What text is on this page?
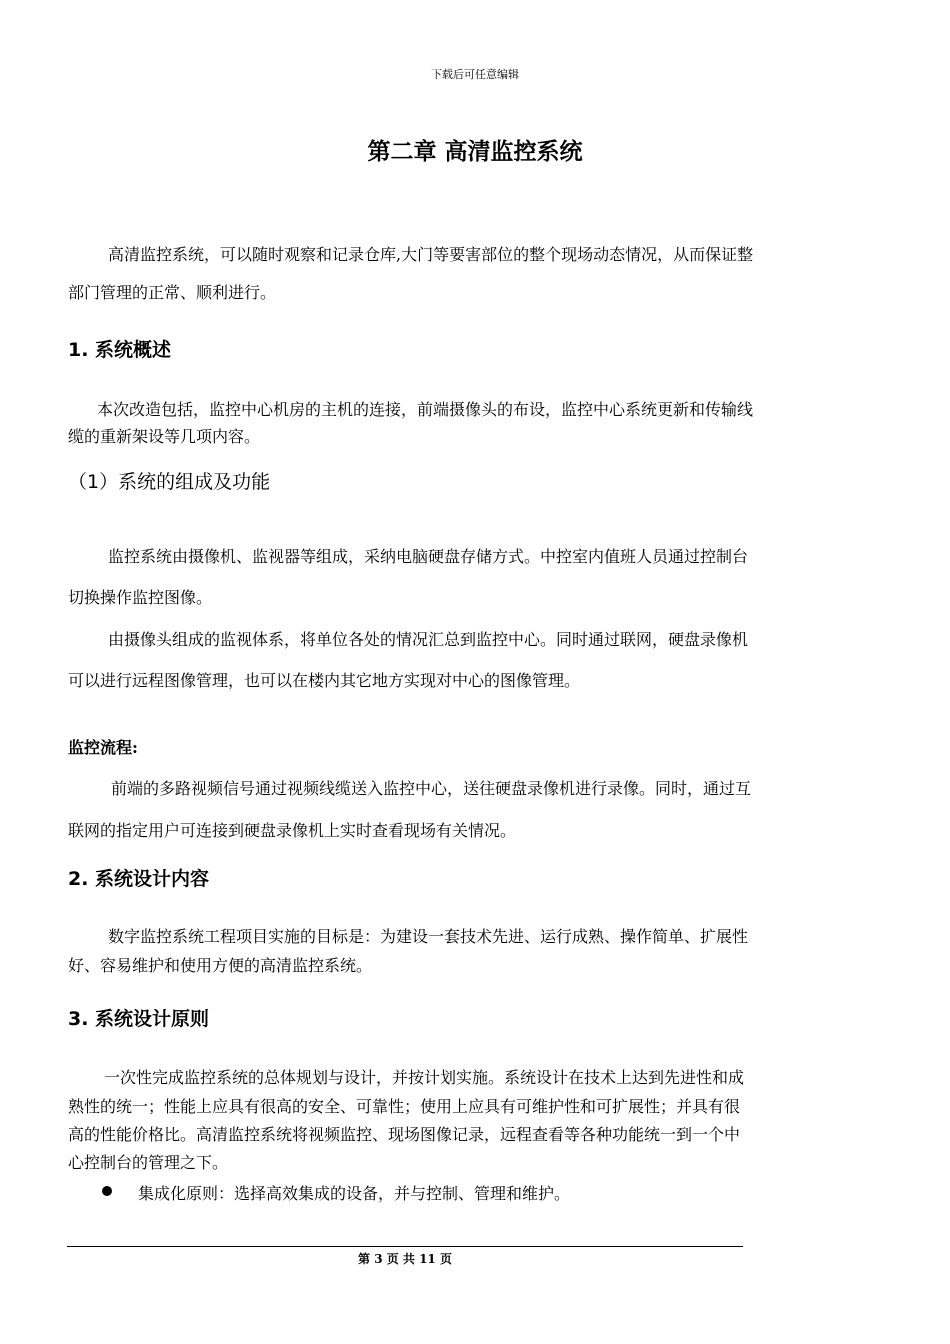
下载后可任意编辑
第二章 高清监控系统
高清监控系统，可以随时观察和记录仓库,大门等要害部位的整个现场动态情况，从而保证整
部门管理的正常、顺利进行。
1. 系统概述
本次改造包括，监控中心机房的主机的连接，前端摄像头的布设，监控中心系统更新和传输线
缆的重新架设等几项内容。
（1）系统的组成及功能
监控系统由摄像机、监视器等组成，采纳电脑硬盘存储方式。中控室内值班人员通过控制台
切换操作监控图像。
由摄像头组成的监视体系，将单位各处的情况汇总到监控中心。同时通过联网，硬盘录像机
可以进行远程图像管理，也可以在楼内其它地方实现对中心的图像管理。
监控流程:
前端的多路视频信号通过视频线缆送入监控中心，送往硬盘录像机进行录像。同时，通过互
联网的指定用户可连接到硬盘录像机上实时查看现场有关情况。
2. 系统设计内容
数字监控系统工程项目实施的目标是：为建设一套技术先进、运行成熟、操作简单、扩展性
好、容易维护和使用方便的高清监控系统。
3. 系统设计原则
一次性完成监控系统的总体规划与设计，并按计划实施。系统设计在技术上达到先进性和成
熟性的统一；性能上应具有很高的安全、可靠性；使用上应具有可维护性和可扩展性；并具有很
高的性能价格比。高清监控系统将视频监控、现场图像记录，远程查看等各种功能统一到一个中
心控制台的管理之下。
集成化原则：选择高效集成的设备，并与控制、管理和维护。
第 3 页 共 11 页
